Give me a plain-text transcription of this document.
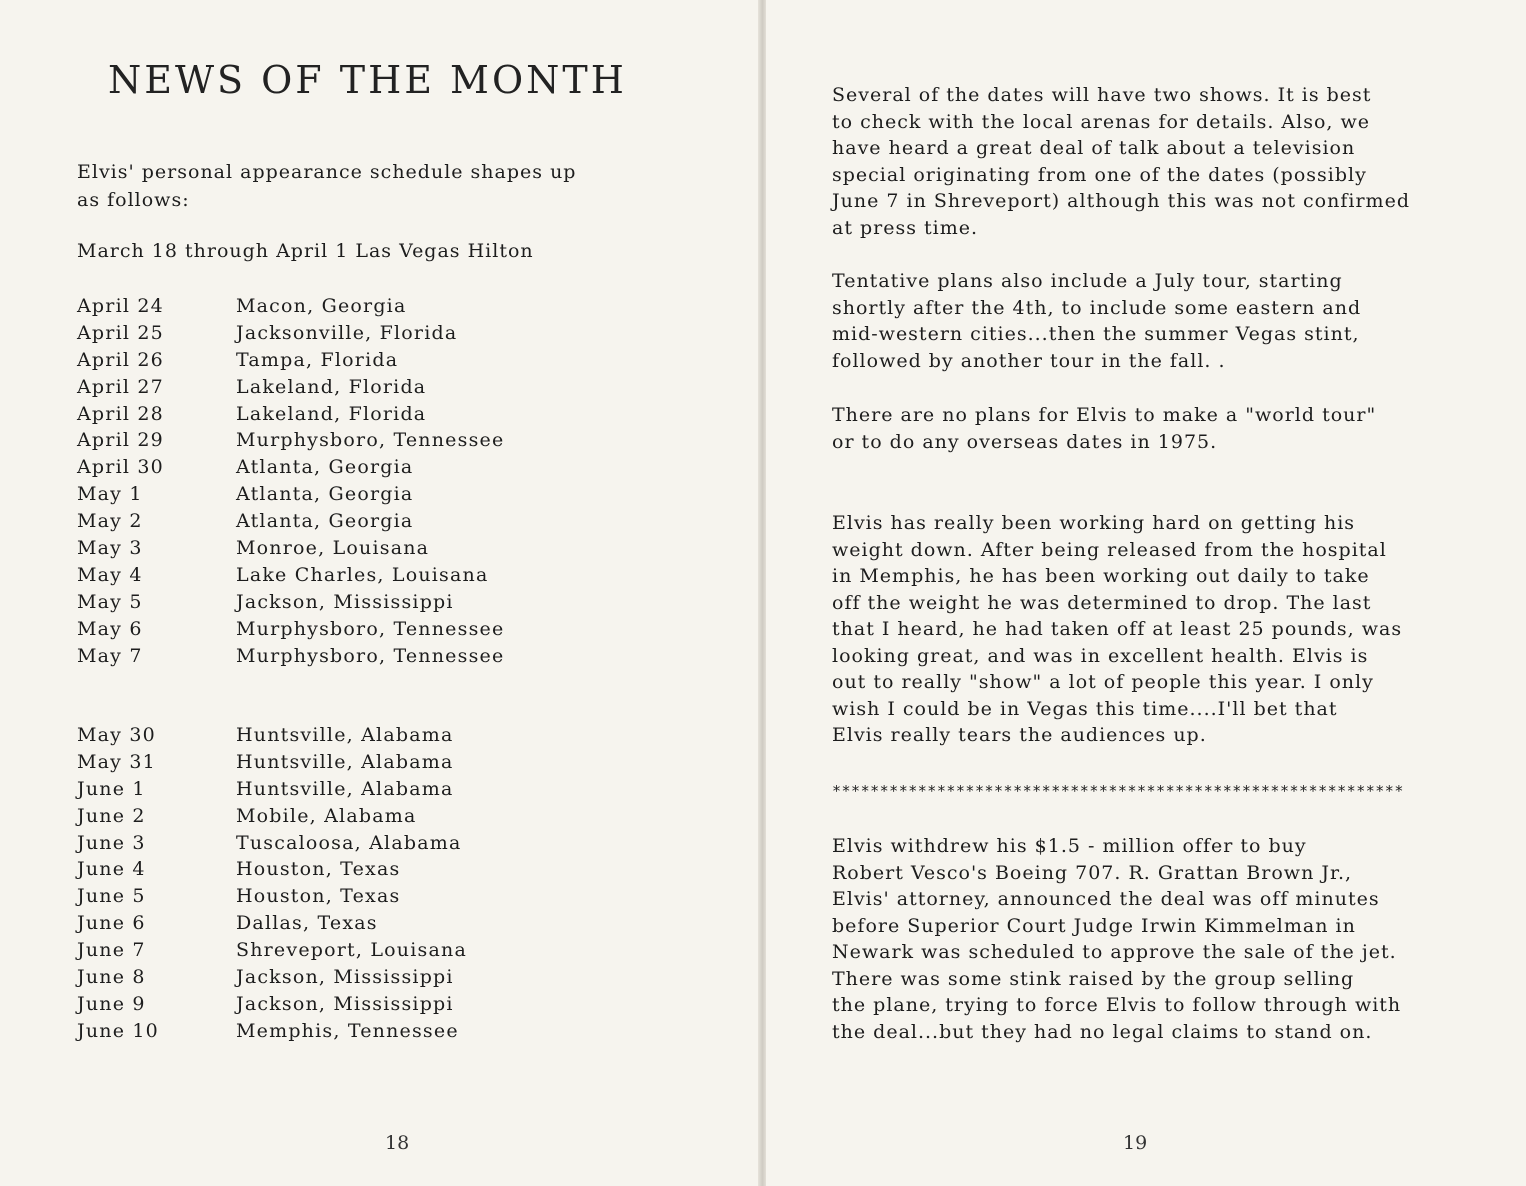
NEWS OF THE MONTH

Elvis' personal appearance schedule shapes up
as follows:

March 18 through April 1 Las Vegas Hilton
April 24	Macon, Georgia
April 25	Jacksonville, Florida
April 26	Tampa, Florida
April 27	Lakeland, Florida
April 28	Lakeland, Florida
April 29	Murphysboro, Tennessee
April 30	Atlanta, Georgia
May 1	Atlanta, Georgia
May 2	Atlanta, Georgia
May 3	Monroe, Louisana
May 4	Lake Charles, Louisana
May 5	Jackson, Mississippi
May 6	Murphysboro, Tennessee
May 7	Murphysboro, Tennessee
May 30	Huntsville, Alabama
May 31	Huntsville, Alabama
June 1	Huntsville, Alabama
June 2	Mobile, Alabama
June 3	Tuscaloosa, Alabama
June 4	Houston, Texas
June 5	Houston, Texas
June 6	Dallas, Texas
June 7	Shreveport, Louisana
June 8	Jackson, Mississippi
June 9	Jackson, Mississippi
June 10	Memphis, Tennessee
18

Several of the dates will have two shows. It is best
to check with the local arenas for details. Also, we
have heard a great deal of talk about a television
special originating from one of the dates (possibly
June 7 in Shreveport) although this was not confirmed
at press time.

Tentative plans also include a July tour, starting
shortly after the 4th, to include some eastern and
mid-western cities...then the summer Vegas stint,
followed by another tour in the fall. .

There are no plans for Elvis to make a "world tour"
or to do any overseas dates in 1975.

Elvis has really been working hard on getting his
weight down. After being released from the hospital
in Memphis, he has been working out daily to take
off the weight he was determined to drop. The last
that I heard, he had taken off at least 25 pounds, was
looking great, and was in excellent health. Elvis is
out to really "show" a lot of people this year. I only
wish I could be in Vegas this time....I'll bet that
Elvis really tears the audiences up.

************************************************************

Elvis withdrew his $1.5 - million offer to buy
Robert Vesco's Boeing 707. R. Grattan Brown Jr.,
Elvis' attorney, announced the deal was off minutes
before Superior Court Judge Irwin Kimmelman in
Newark was scheduled to approve the sale of the jet.
There was some stink raised by the group selling
the plane, trying to force Elvis to follow through with
the deal...but they had no legal claims to stand on.

19
